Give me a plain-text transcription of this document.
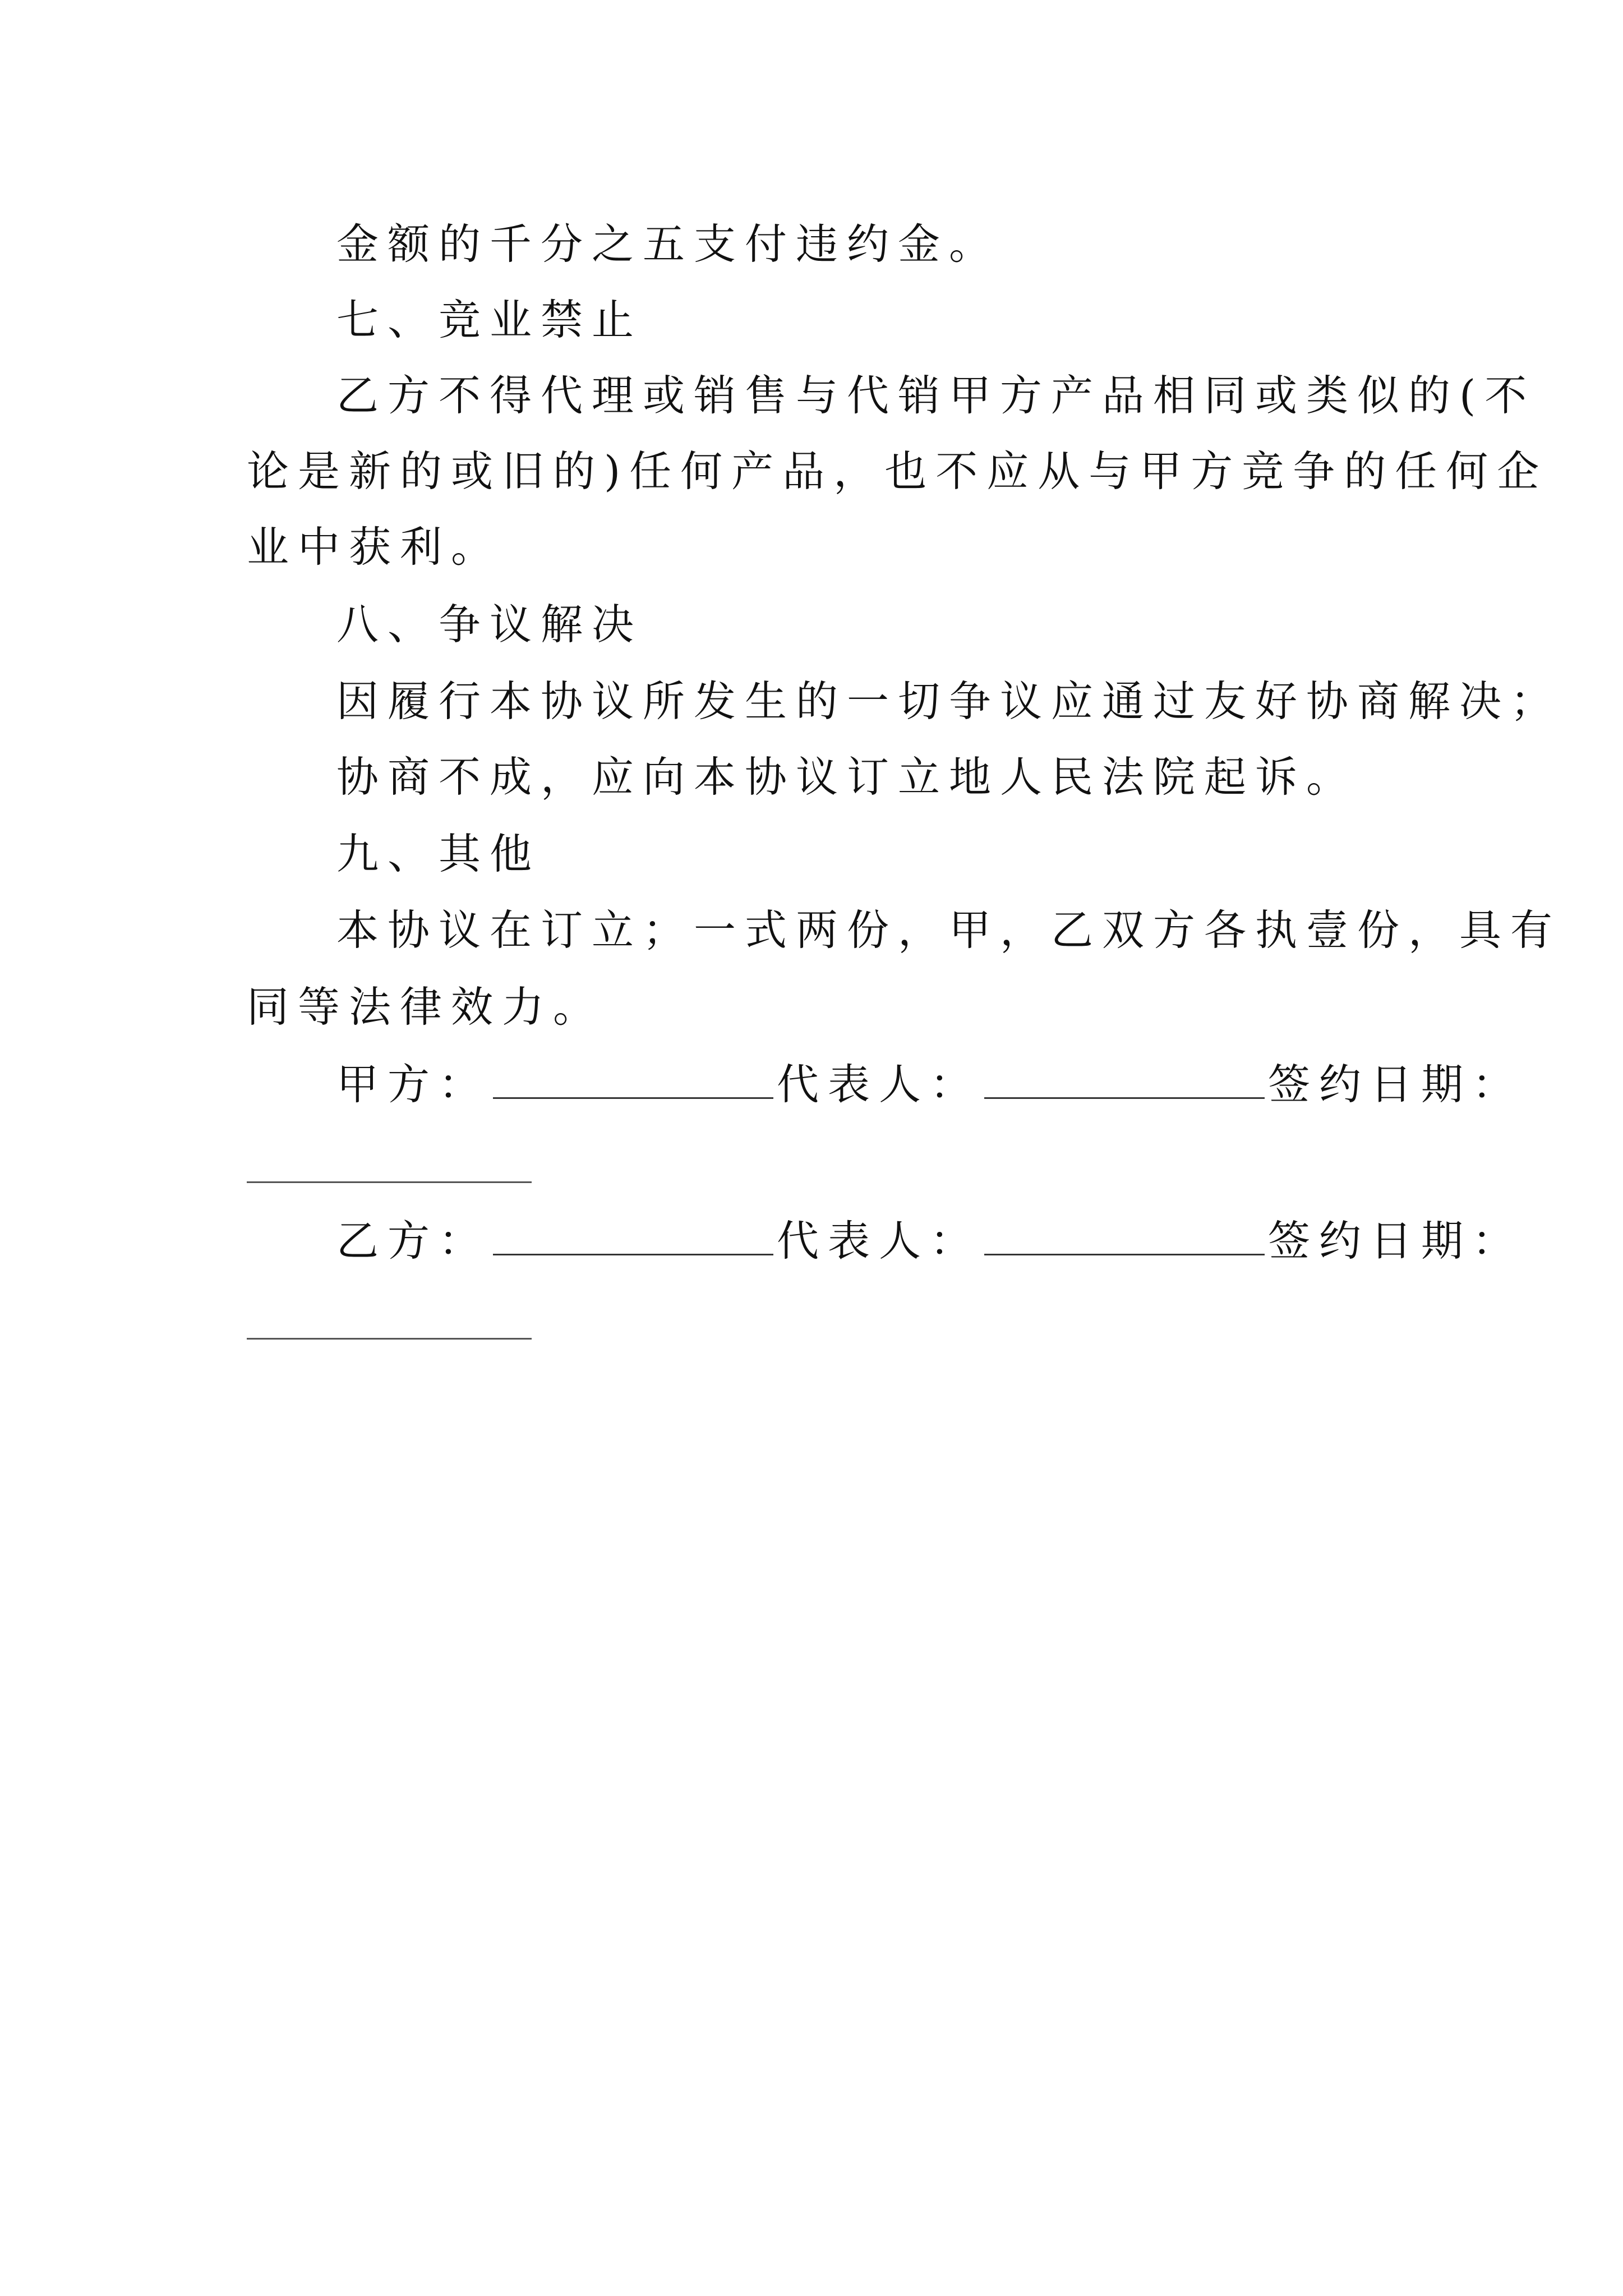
金额的千分之五支付违约金。
七、竞业禁止
乙方不得代理或销售与代销甲方产品相同或类似的(不
论是新的或旧的)任何产品，也不应从与甲方竞争的任何企
业中获利。
八、争议解决
因履行本协议所发生的一切争议应通过友好协商解决；
协商不成，应向本协议订立地人民法院起诉。
九、其他
本协议在订立；一式两份，甲，乙双方各执壹份，具有
同等法律效力。
甲方：	代表人：	签约日期：
乙方：	代表人：	签约日期：
